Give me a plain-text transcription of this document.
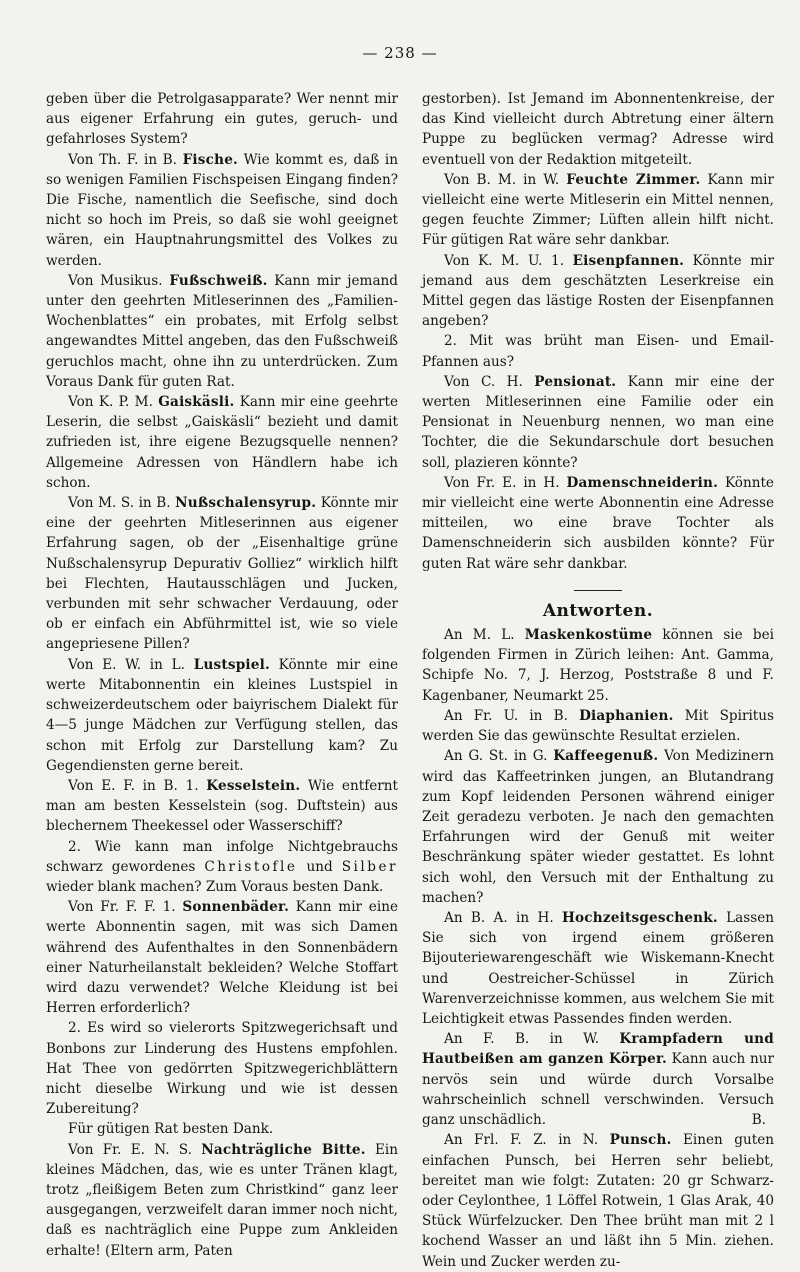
— 238 —

geben über die Petrolgasapparate? Wer nennt mir aus eigener Erfahrung ein gutes, geruch- und gefahrloses System?

Von Th. F. in B. Fische. Wie kommt es, daß in so wenigen Familien Fischspeisen Eingang finden? Die Fische, namentlich die Seefische, sind doch nicht so hoch im Preis, so daß sie wohl geeignet wären, ein Hauptnahrungsmittel des Volkes zu werden.

Von Musikus. Fußschweiß. Kann mir jemand unter den geehrten Mitleserinnen des „Familien-Wochenblattes“ ein probates, mit Erfolg selbst angewandtes Mittel angeben, das den Fußschweiß geruchlos macht, ohne ihn zu unterdrücken. Zum Voraus Dank für guten Rat.

Von K. P. M. Gaiskäsli. Kann mir eine geehrte Leserin, die selbst „Gaiskäsli“ bezieht und damit zufrieden ist, ihre eigene Bezugsquelle nennen? Allgemeine Adressen von Händlern habe ich schon.

Von M. S. in B. Nußschalensyrup. Könnte mir eine der geehrten Mitleserinnen aus eigener Erfahrung sagen, ob der „Eisenhaltige grüne Nußschalensyrup Depurativ Golliez“ wirklich hilft bei Flechten, Hautausschlägen und Jucken, verbunden mit sehr schwacher Verdauung, oder ob er einfach ein Abführmittel ist, wie so viele angepriesene Pillen?

Von E. W. in L. Lustspiel. Könnte mir eine werte Mitabonnentin ein kleines Lustspiel in schweizerdeutschem oder baiyrischem Dialekt für 4—5 junge Mädchen zur Verfügung stellen, das schon mit Erfolg zur Darstellung kam? Zu Gegendiensten gerne bereit.

Von E. F. in B. 1. Kesselstein. Wie entfernt man am besten Kesselstein (sog. Duftstein) aus blechernem Theekessel oder Wasserschiff?

2. Wie kann man infolge Nichtgebrauchs schwarz gewordenes Christofle und Silber wieder blank machen? Zum Voraus besten Dank.

Von Fr. F. F. 1. Sonnenbäder. Kann mir eine werte Abonnentin sagen, mit was sich Damen während des Aufenthaltes in den Sonnenbädern einer Naturheilanstalt bekleiden? Welche Stoffart wird dazu verwendet? Welche Kleidung ist bei Herren erforderlich?

2. Es wird so vielerorts Spitzwegerichsaft und Bonbons zur Linderung des Hustens empfohlen. Hat Thee von gedörrten Spitzwegerichblättern nicht dieselbe Wirkung und wie ist dessen Zubereitung?

Für gütigen Rat besten Dank.

Von Fr. E. N. S. Nachträgliche Bitte. Ein kleines Mädchen, das, wie es unter Tränen klagt, trotz „fleißigem Beten zum Christkind“ ganz leer ausgegangen, verzweifelt daran immer noch nicht, daß es nachträglich eine Puppe zum Ankleiden erhalte! (Eltern arm, Paten

gestorben). Ist Jemand im Abonnentenkreise, der das Kind vielleicht durch Abtretung einer ältern Puppe zu beglücken vermag? Adresse wird eventuell von der Redaktion mitgeteilt.

Von B. M. in W. Feuchte Zimmer. Kann mir vielleicht eine werte Mitleserin ein Mittel nennen, gegen feuchte Zimmer; Lüften allein hilft nicht. Für gütigen Rat wäre sehr dankbar.

Von K. M. U. 1. Eisenpfannen. Könnte mir jemand aus dem geschätzten Leserkreise ein Mittel gegen das lästige Rosten der Eisenpfannen angeben?

2. Mit was brüht man Eisen- und Email-Pfannen aus?

Von C. H. Pensionat. Kann mir eine der werten Mitleserinnen eine Familie oder ein Pensionat in Neuenburg nennen, wo man eine Tochter, die die Sekundarschule dort besuchen soll, plazieren könnte?

Von Fr. E. in H. Damenschneiderin. Könnte mir vielleicht eine werte Abonnentin eine Adresse mitteilen, wo eine brave Tochter als Damenschneiderin sich ausbilden könnte? Für guten Rat wäre sehr dankbar.

Antworten.

An M. L. Maskenkostüme können sie bei folgenden Firmen in Zürich leihen: Ant. Gamma, Schipfe No. 7, J. Herzog, Poststraße 8 und F. Kagenbaner, Neumarkt 25.

An Fr. U. in B. Diaphanien. Mit Spiritus werden Sie das gewünschte Resultat erzielen.

An G. St. in G. Kaffeegenuß. Von Medizinern wird das Kaffeetrinken jungen, an Blutandrang zum Kopf leidenden Personen während einiger Zeit geradezu verboten. Je nach den gemachten Erfahrungen wird der Genuß mit weiter Beschränkung später wieder gestattet. Es lohnt sich wohl, den Versuch mit der Enthaltung zu machen?

An B. A. in H. Hochzeitsgeschenk. Lassen Sie sich von irgend einem größeren Bijouteriewarengeschäft wie Wiskemann-Knecht und Oestreicher-Schüssel in Zürich Warenverzeichnisse kommen, aus welchem Sie mit Leichtigkeit etwas Passendes finden werden.

An F. B. in W. Krampfadern und Hautbeißen am ganzen Körper. Kann auch nur nervös sein und würde durch Vorsalbe wahrscheinlich schnell verschwinden. Versuch ganz unschädlich.	B.

An Frl. F. Z. in N. Punsch. Einen guten einfachen Punsch, bei Herren sehr beliebt, bereitet man wie folgt: Zutaten: 20 gr Schwarz- oder Ceylonthee, 1 Löffel Rotwein, 1 Glas Arak, 40 Stück Würfelzucker. Den Thee brüht man mit 2 l kochend Wasser an und läßt ihn 5 Min. ziehen. Wein und Zucker werden zu-
